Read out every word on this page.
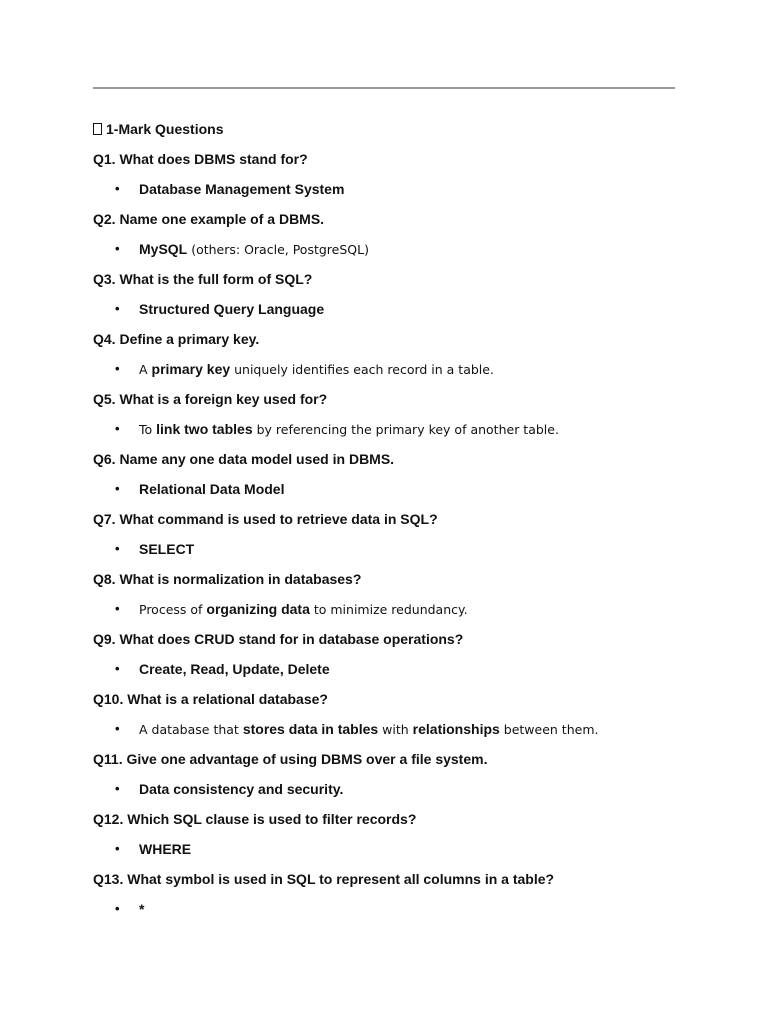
1-Mark Questions
Q1. What does DBMS stand for?
• Database Management System
Q2. Name one example of a DBMS.
• MySQL (others: Oracle, PostgreSQL)
Q3. What is the full form of SQL?
• Structured Query Language
Q4. Define a primary key.
• A primary key uniquely identifies each record in a table.
Q5. What is a foreign key used for?
• To link two tables by referencing the primary key of another table.
Q6. Name any one data model used in DBMS.
• Relational Data Model
Q7. What command is used to retrieve data in SQL?
• SELECT
Q8. What is normalization in databases?
• Process of organizing data to minimize redundancy.
Q9. What does CRUD stand for in database operations?
• Create, Read, Update, Delete
Q10. What is a relational database?
• A database that stores data in tables with relationships between them.
Q11. Give one advantage of using DBMS over a file system.
• Data consistency and security.
Q12. Which SQL clause is used to filter records?
• WHERE
Q13. What symbol is used in SQL to represent all columns in a table?
• *
